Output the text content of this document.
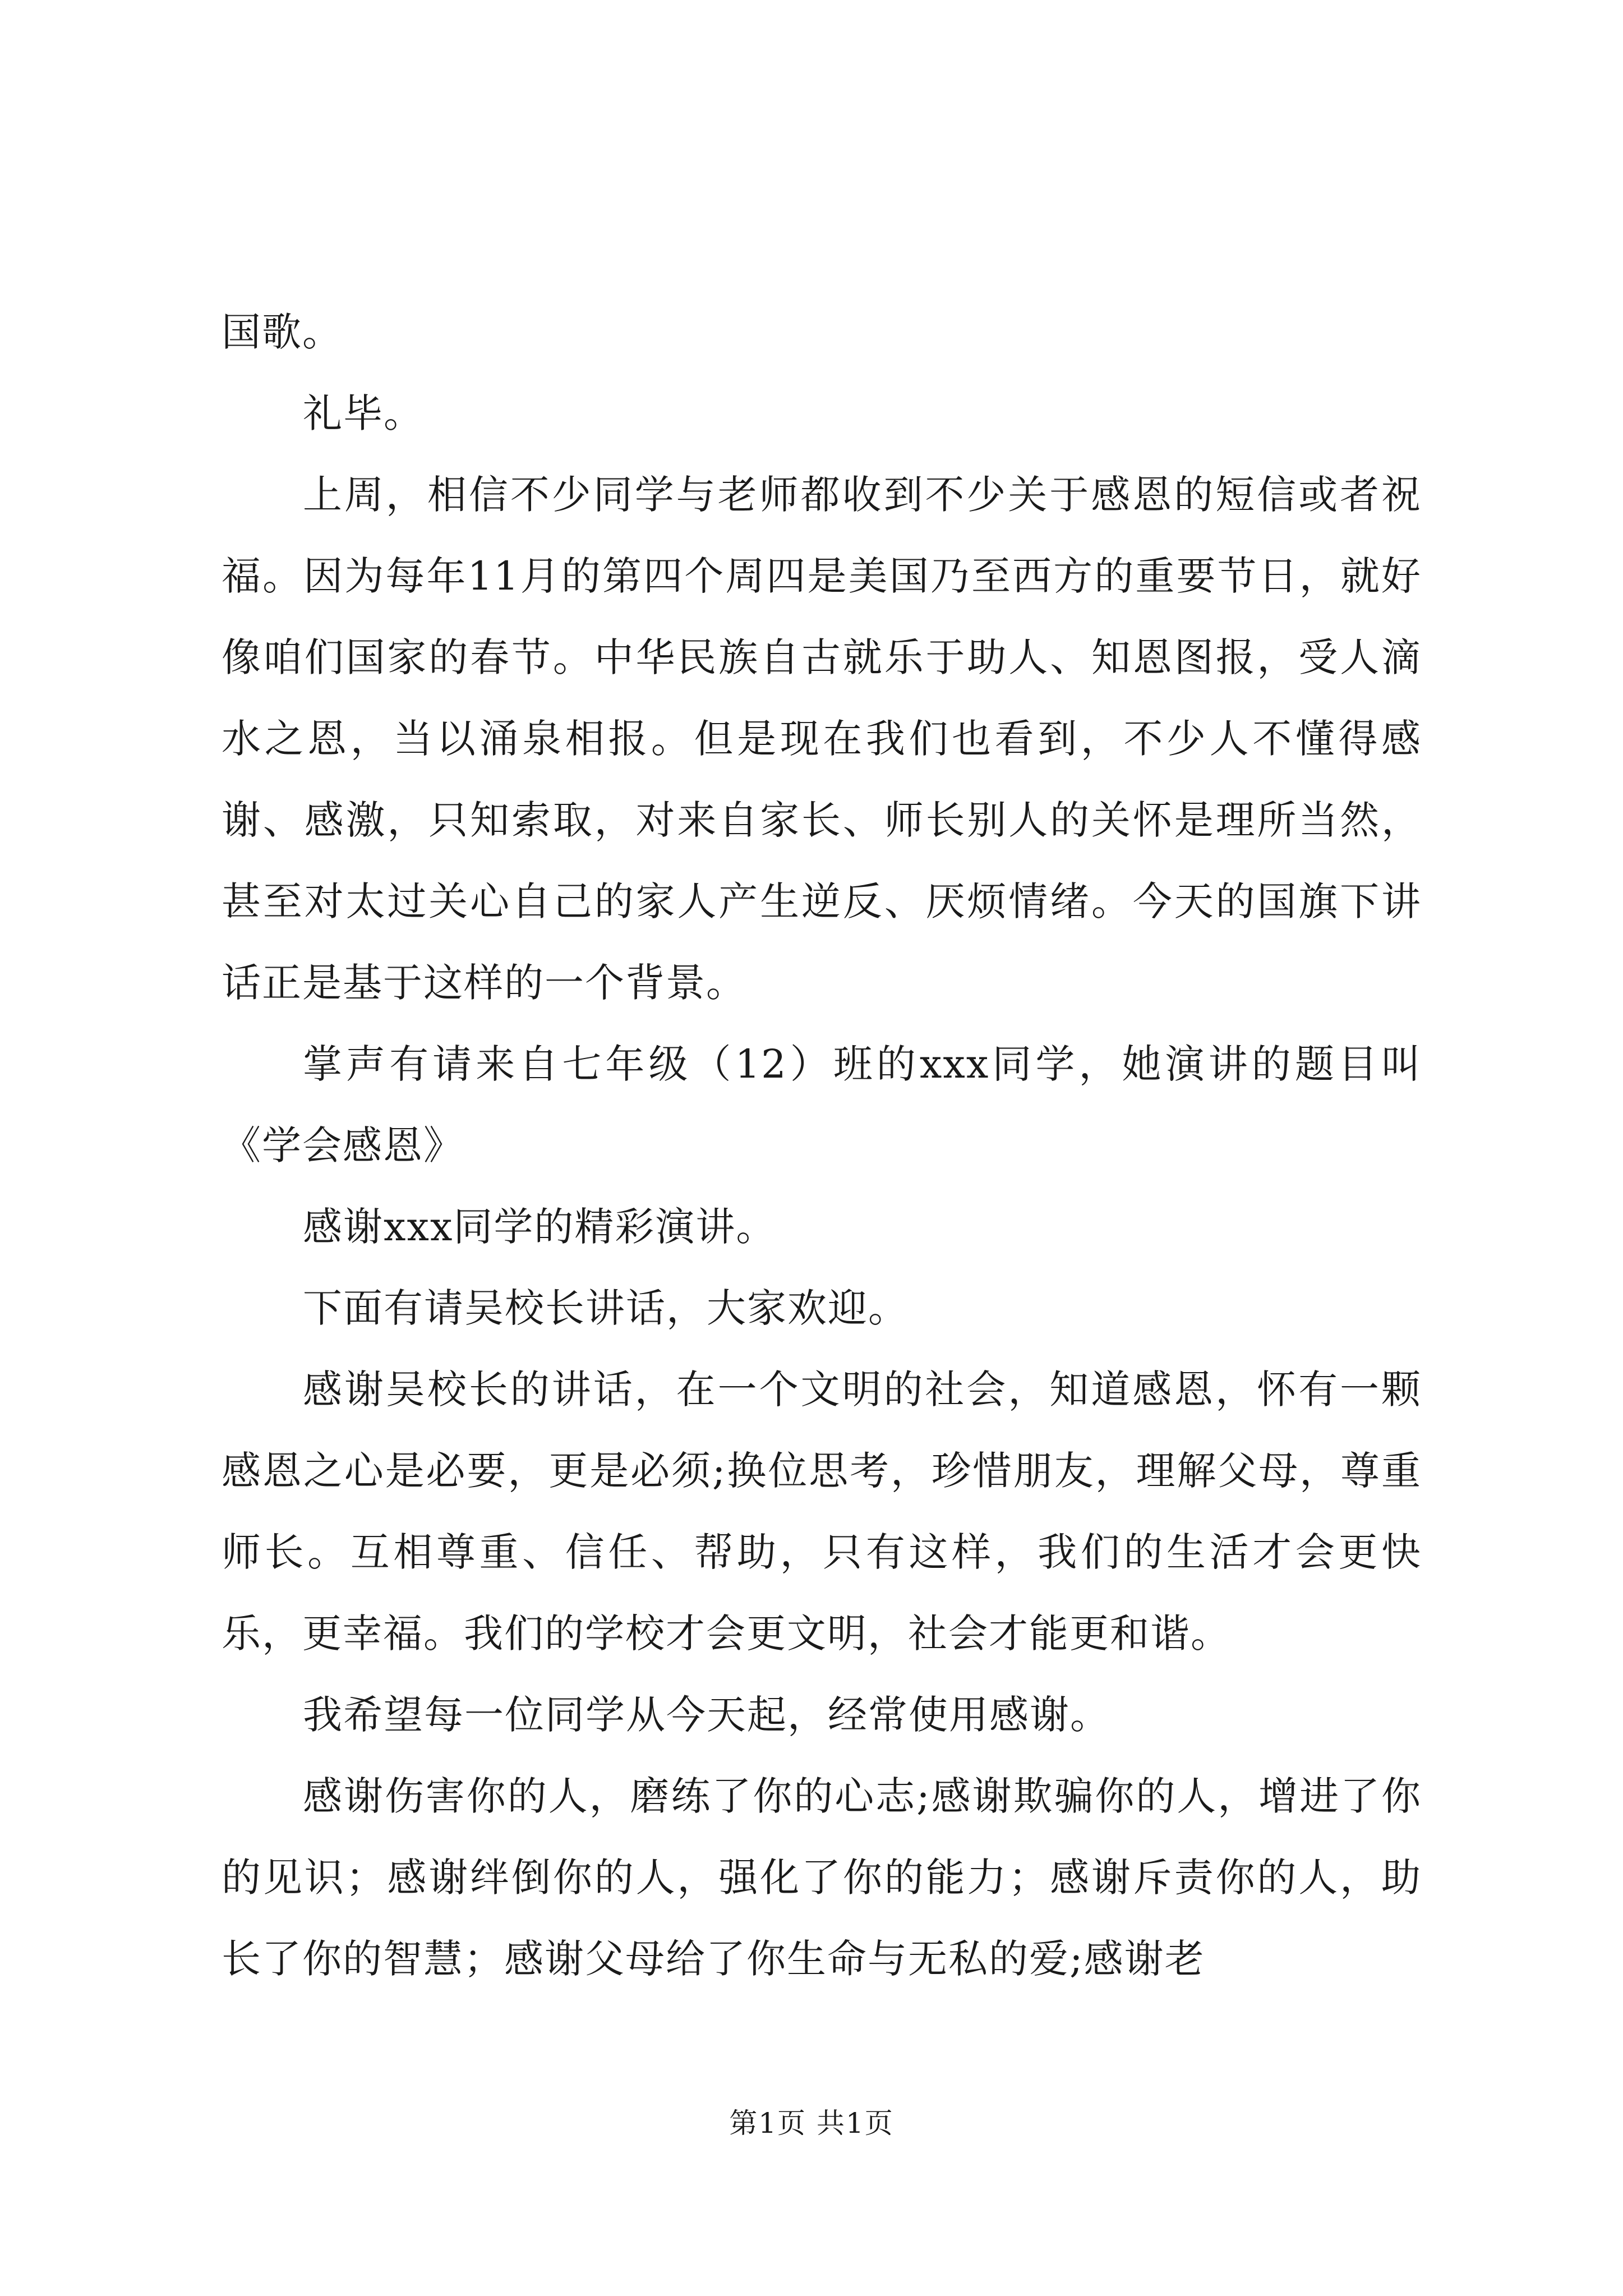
国歌。

礼毕。

上周，相信不少同学与老师都收到不少关于感恩的短信或者祝福。因为每年11月的第四个周四是美国乃至西方的重要节日，就好像咱们国家的春节。中华民族自古就乐于助人、知恩图报，受人滴水之恩，当以涌泉相报。但是现在我们也看到，不少人不懂得感谢、感激，只知索取，对来自家长、师长别人的关怀是理所当然，甚至对太过关心自己的家人产生逆反、厌烦情绪。今天的国旗下讲话正是基于这样的一个背景。

掌声有请来自七年级（12）班的xxx同学，她演讲的题目叫《学会感恩》

感谢xxx同学的精彩演讲。

下面有请吴校长讲话，大家欢迎。

感谢吴校长的讲话，在一个文明的社会，知道感恩，怀有一颗感恩之心是必要，更是必须;换位思考，珍惜朋友，理解父母，尊重师长。互相尊重、信任、帮助，只有这样，我们的生活才会更快乐，更幸福。我们的学校才会更文明，社会才能更和谐。

我希望每一位同学从今天起，经常使用感谢。

感谢伤害你的人，磨练了你的心志;感谢欺骗你的人，增进了你的见识；感谢绊倒你的人，强化了你的能力；感谢斥责你的人，助长了你的智慧；感谢父母给了你生命与无私的爱;感谢老

第1页 共1页
